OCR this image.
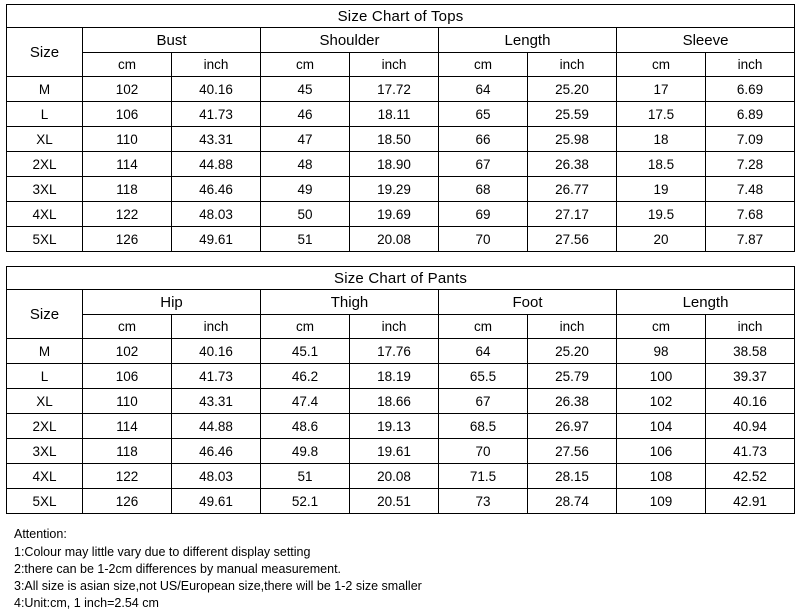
Size Chart of Tops								
Size	Bust		Shoulder		Length		Sleeve	
	cm	inch	cm	inch	cm	inch	cm	inch
M	102	40.16	45	17.72	64	25.20	17	6.69
L	106	41.73	46	18.11	65	25.59	17.5	6.89
XL	110	43.31	47	18.50	66	25.98	18	7.09
2XL	114	44.88	48	18.90	67	26.38	18.5	7.28
3XL	118	46.46	49	19.29	68	26.77	19	7.48
4XL	122	48.03	50	19.69	69	27.17	19.5	7.68
5XL	126	49.61	51	20.08	70	27.56	20	7.87
Size Chart of Pants								
Size	Hip		Thigh		Foot		Length	
	cm	inch	cm	inch	cm	inch	cm	inch
M	102	40.16	45.1	17.76	64	25.20	98	38.58
L	106	41.73	46.2	18.19	65.5	25.79	100	39.37
XL	110	43.31	47.4	18.66	67	26.38	102	40.16
2XL	114	44.88	48.6	19.13	68.5	26.97	104	40.94
3XL	118	46.46	49.8	19.61	70	27.56	106	41.73
4XL	122	48.03	51	20.08	71.5	28.15	108	42.52
5XL	126	49.61	52.1	20.51	73	28.74	109	42.91
Attention:
1:Colour may little vary due to different display setting
2:there can be 1-2cm differences by manual measurement.
3:All size is asian size,not US/European size,there will be 1-2 size smaller
4:Unit:cm, 1 inch=2.54 cm
